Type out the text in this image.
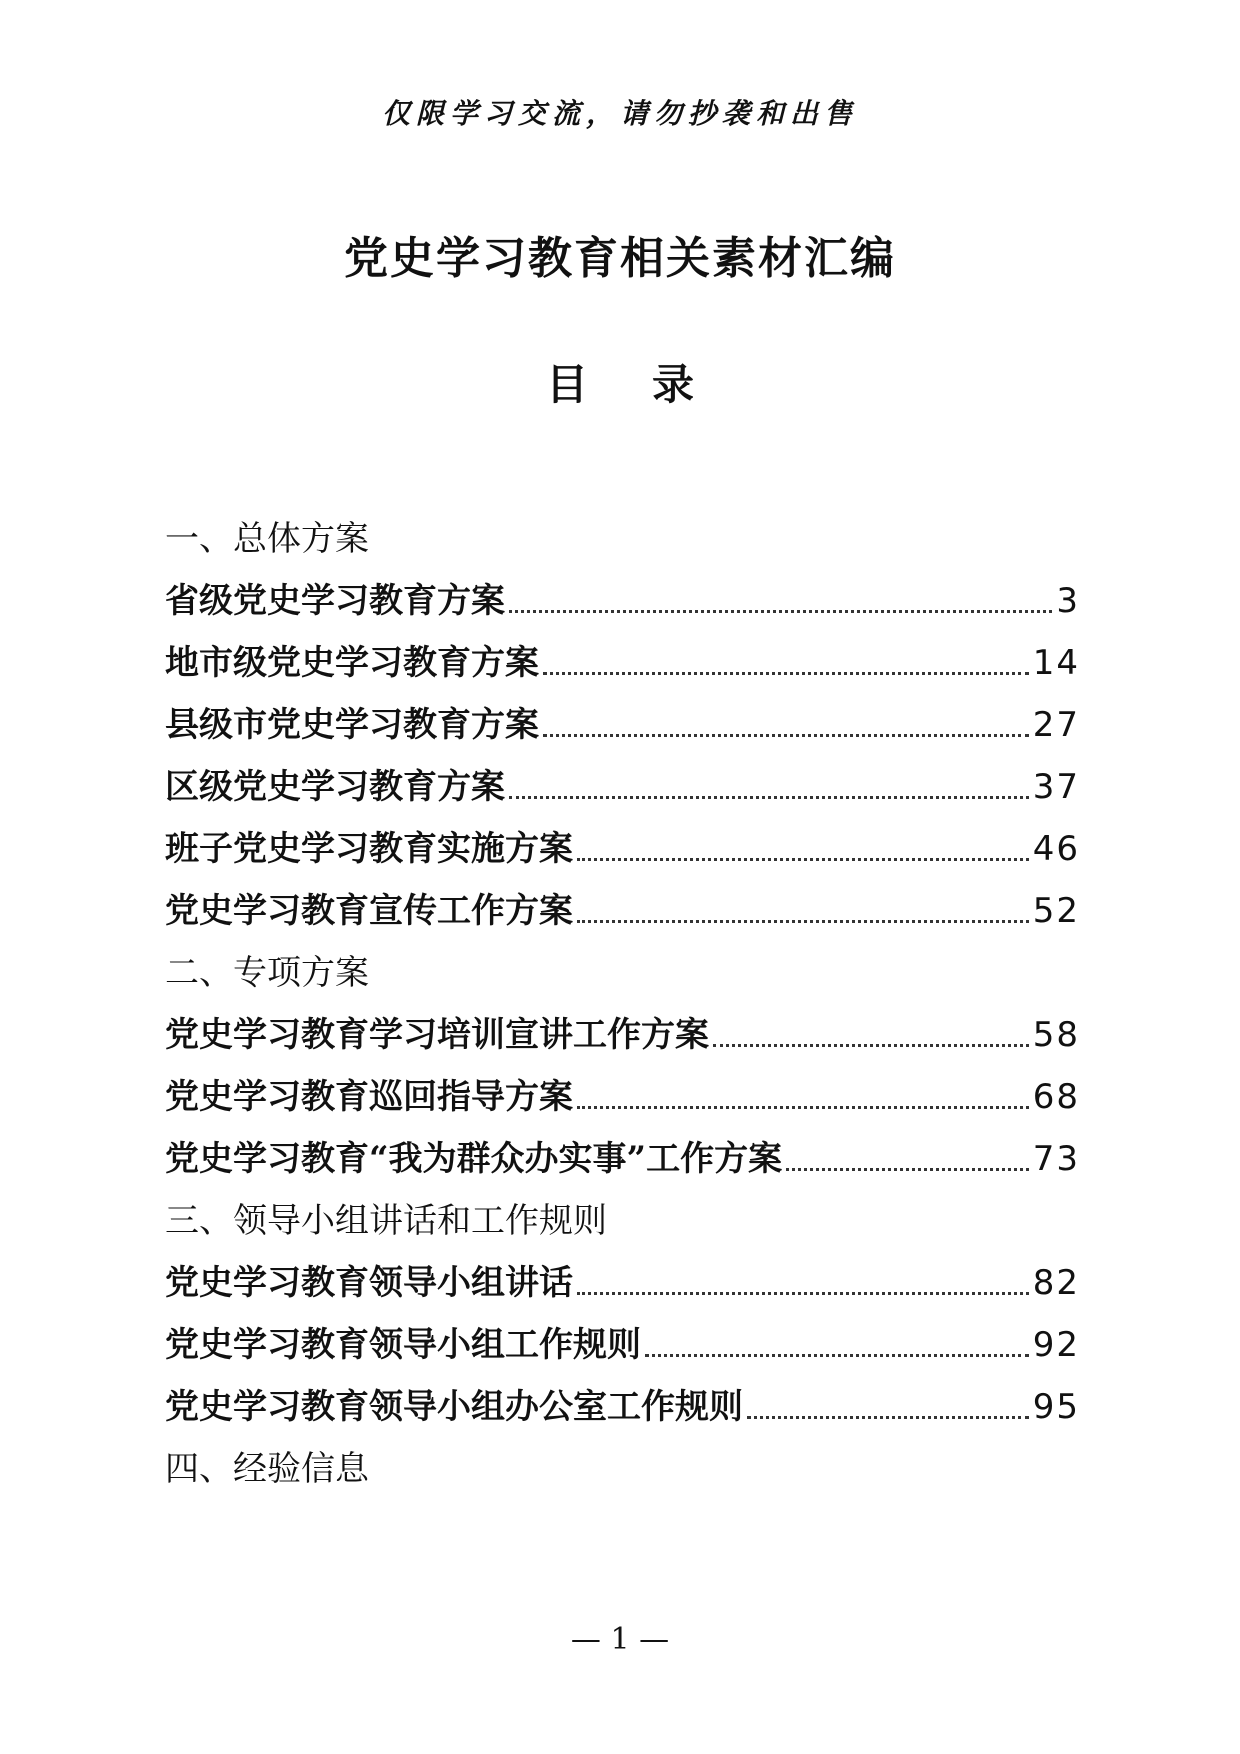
仅限学习交流，请勿抄袭和出售
党史学习教育相关素材汇编
目录
一、总体方案
省级党史学习教育方案	3
地市级党史学习教育方案	14
县级市党史学习教育方案	27
区级党史学习教育方案	37
班子党史学习教育实施方案	46
党史学习教育宣传工作方案	52
二、专项方案
党史学习教育学习培训宣讲工作方案	58
党史学习教育巡回指导方案	68
党史学习教育“我为群众办实事”工作方案	73
三、领导小组讲话和工作规则
党史学习教育领导小组讲话	82
党史学习教育领导小组工作规则	92
党史学习教育领导小组办公室工作规则	95
四、经验信息
— 1 —
